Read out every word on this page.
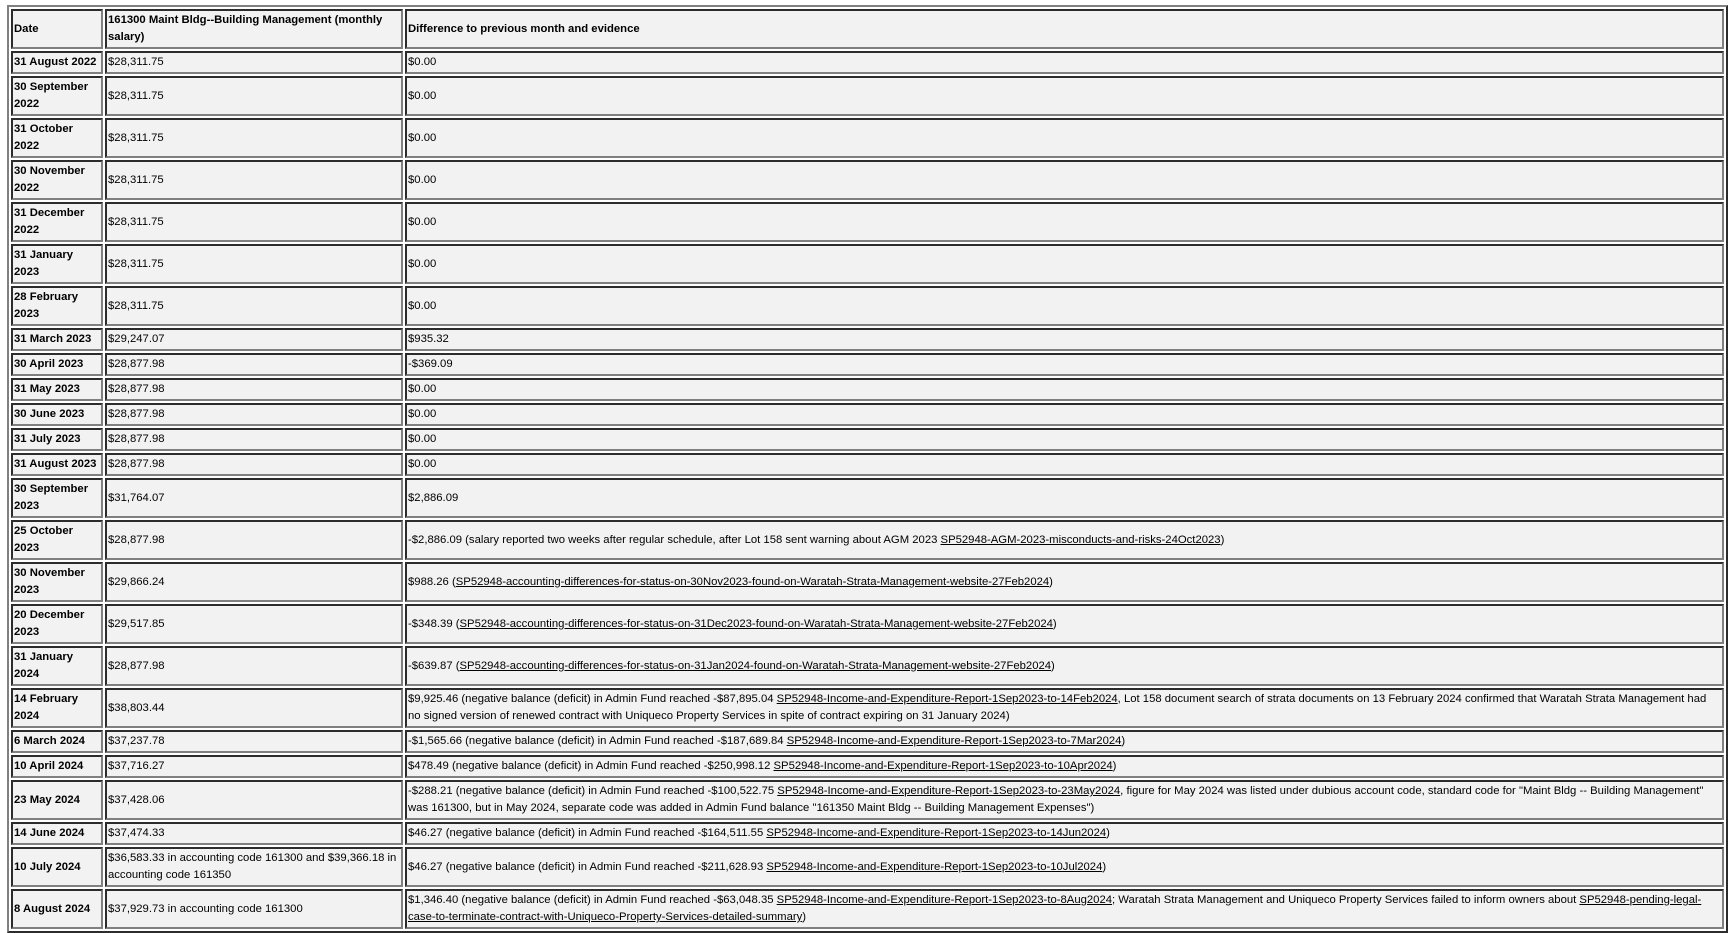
Date	161300 Maint Bldg--Building Management (monthly salary)	Difference to previous month and evidence
31 August 2022	$28,311.75	$0.00
30 September 2022	$28,311.75	$0.00
31 October 2022	$28,311.75	$0.00
30 November 2022	$28,311.75	$0.00
31 December 2022	$28,311.75	$0.00
31 January 2023	$28,311.75	$0.00
28 February 2023	$28,311.75	$0.00
31 March 2023	$29,247.07	$935.32
30 April 2023	$28,877.98	-$369.09
31 May 2023	$28,877.98	$0.00
30 June 2023	$28,877.98	$0.00
31 July 2023	$28,877.98	$0.00
31 August 2023	$28,877.98	$0.00
30 September 2023	$31,764.07	$2,886.09
25 October 2023	$28,877.98	-$2,886.09 (salary reported two weeks after regular schedule, after Lot 158 sent warning about AGM 2023 SP52948-AGM-2023-misconducts-and-risks-24Oct2023)
30 November 2023	$29,866.24	$988.26 (SP52948-accounting-differences-for-status-on-30Nov2023-found-on-Waratah-Strata-Management-website-27Feb2024)
20 December 2023	$29,517.85	-$348.39 (SP52948-accounting-differences-for-status-on-31Dec2023-found-on-Waratah-Strata-Management-website-27Feb2024)
31 January 2024	$28,877.98	-$639.87 (SP52948-accounting-differences-for-status-on-31Jan2024-found-on-Waratah-Strata-Management-website-27Feb2024)
14 February 2024	$38,803.44	$9,925.46 (negative balance (deficit) in Admin Fund reached -$87,895.04 SP52948-Income-and-Expenditure-Report-1Sep2023-to-14Feb2024, Lot 158 document search of strata documents on 13 February 2024 confirmed that Waratah Strata Management had no signed version of renewed contract with Uniqueco Property Services in spite of contract expiring on 31 January 2024)
6 March 2024	$37,237.78	-$1,565.66 (negative balance (deficit) in Admin Fund reached -$187,689.84 SP52948-Income-and-Expenditure-Report-1Sep2023-to-7Mar2024)
10 April 2024	$37,716.27	$478.49 (negative balance (deficit) in Admin Fund reached -$250,998.12 SP52948-Income-and-Expenditure-Report-1Sep2023-to-10Apr2024)
23 May 2024	$37,428.06	-$288.21 (negative balance (deficit) in Admin Fund reached -$100,522.75 SP52948-Income-and-Expenditure-Report-1Sep2023-to-23May2024, figure for May 2024 was listed under dubious account code, standard code for "Maint Bldg -- Building Management" was 161300, but in May 2024, separate code was added in Admin Fund balance "161350 Maint Bldg -- Building Management Expenses")
14 June 2024	$37,474.33	$46.27 (negative balance (deficit) in Admin Fund reached -$164,511.55 SP52948-Income-and-Expenditure-Report-1Sep2023-to-14Jun2024)
10 July 2024	$36,583.33 in accounting code 161300 and $39,366.18 in accounting code 161350	$46.27 (negative balance (deficit) in Admin Fund reached -$211,628.93 SP52948-Income-and-Expenditure-Report-1Sep2023-to-10Jul2024)
8 August 2024	$37,929.73 in accounting code 161300	$1,346.40 (negative balance (deficit) in Admin Fund reached -$63,048.35 SP52948-Income-and-Expenditure-Report-1Sep2023-to-8Aug2024; Waratah Strata Management and Uniqueco Property Services failed to inform owners about SP52948-pending-legal-case-to-terminate-contract-with-Uniqueco-Property-Services-detailed-summary)
